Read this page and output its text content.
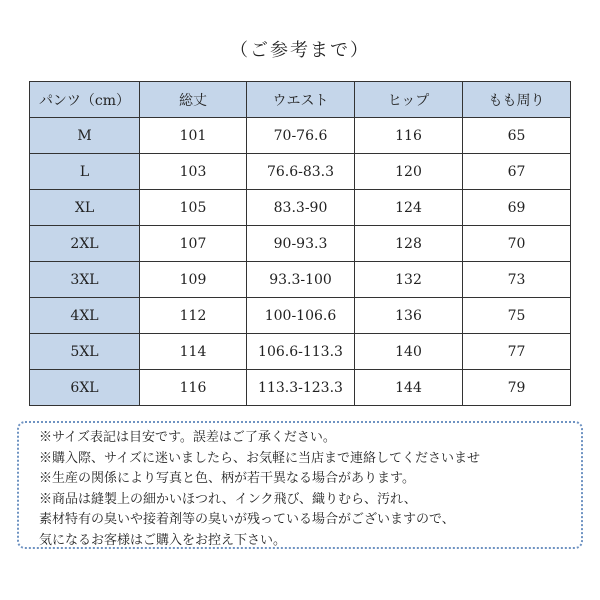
（ご参考まで）
パンツ（cm）	総丈	ウエスト	ヒップ	もも周り
M	101	70-76.6	116	65
L	103	76.6-83.3	120	67
XL	105	83.3-90	124	69
2XL	107	90-93.3	128	70
3XL	109	93.3-100	132	73
4XL	112	100-106.6	136	75
5XL	114	106.6-113.3	140	77
6XL	116	113.3-123.3	144	79
※サイズ表記は目安です。誤差はご了承ください。
※購入際、サイズに迷いましたら、お気軽に当店まで連絡してくださいませ
※生産の関係により写真と色、柄が若干異なる場合があります。
※商品は縫製上の細かいほつれ、インク飛び、織りむら、汚れ、
素材特有の臭いや接着剤等の臭いが残っている場合がございますので、
気になるお客様はご購入をお控え下さい。
